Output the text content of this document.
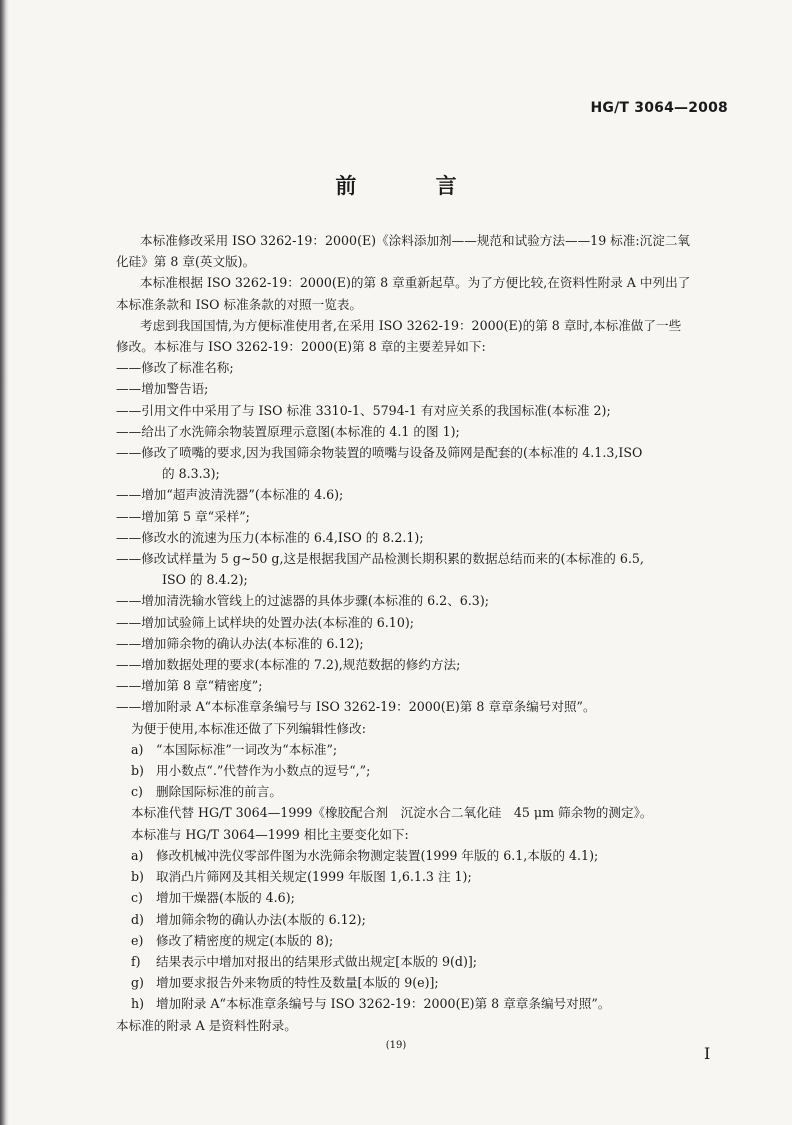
HG/T 3064—2008
前 言

本标准修改采用 ISO 3262-19：2000(E)《涂料添加剂——规范和试验方法——19 标准:沉淀二氧

化硅》第 8 章(英文版)。

本标准根据 ISO 3262-19：2000(E)的第 8 章重新起草。为了方便比较,在资料性附录 A 中列出了

本标准条款和 ISO 标准条款的对照一览表。

考虑到我国国情,为方便标准使用者,在采用 ISO 3262-19：2000(E)的第 8 章时,本标准做了一些

修改。本标准与 ISO 3262-19：2000(E)第 8 章的主要差异如下:

——修改了标准名称;

——增加警告语;

——引用文件中采用了与 ISO 标准 3310-1、5794-1 有对应关系的我国标准(本标准 2);

——给出了水洗筛余物装置原理示意图(本标准的 4.1 的图 1);

——修改了喷嘴的要求,因为我国筛余物装置的喷嘴与设备及筛网是配套的(本标准的 4.1.3,ISO

的 8.3.3);

——增加“超声波清洗器”(本标准的 4.6);

——增加第 5 章“采样”;

——修改水的流速为压力(本标准的 6.4,ISO 的 8.2.1);

——修改试样量为 5 g~50 g,这是根据我国产品检测长期积累的数据总结而来的(本标准的 6.5,

ISO 的 8.4.2);

——增加清洗输水管线上的过滤器的具体步骤(本标准的 6.2、6.3);

——增加试验筛上试样块的处置办法(本标准的 6.10);

——增加筛余物的确认办法(本标准的 6.12);

——增加数据处理的要求(本标准的 7.2),规范数据的修约方法;

——增加第 8 章“精密度”;

——增加附录 A“本标准章条编号与 ISO 3262-19：2000(E)第 8 章章条编号对照”。

为便于使用,本标准还做了下列编辑性修改:

a) “本国际标准”一词改为“本标准”;
b) 用小数点“.”代替作为小数点的逗号“,”;
c)	删除国际标准的前言。

本标准代替 HG/T 3064—1999《橡胶配合剂　沉淀水合二氧化硅　45 μm 筛余物的测定》。

本标准与 HG/T 3064—1999 相比主要变化如下:

a) 修改机械冲洗仪零部件图为水洗筛余物测定装置(1999 年版的 6.1,本版的 4.1);
b) 取消凸片筛网及其相关规定(1999 年版图 1,6.1.3 注 1);
c)	增加干燥器(本版的 4.6);
d) 增加筛余物的确认办法(本版的 6.12);
e)	修改了精密度的规定(本版的 8);
f)	结果表示中增加对报出的结果形式做出规定[本版的 9(d)];
g) 增加要求报告外来物质的特性及数量[本版的 9(e)];
h) 增加附录 A“本标准章条编号与 ISO 3262-19：2000(E)第 8 章章条编号对照”。

本标准的附录 A 是资料性附录。

(19)	I
